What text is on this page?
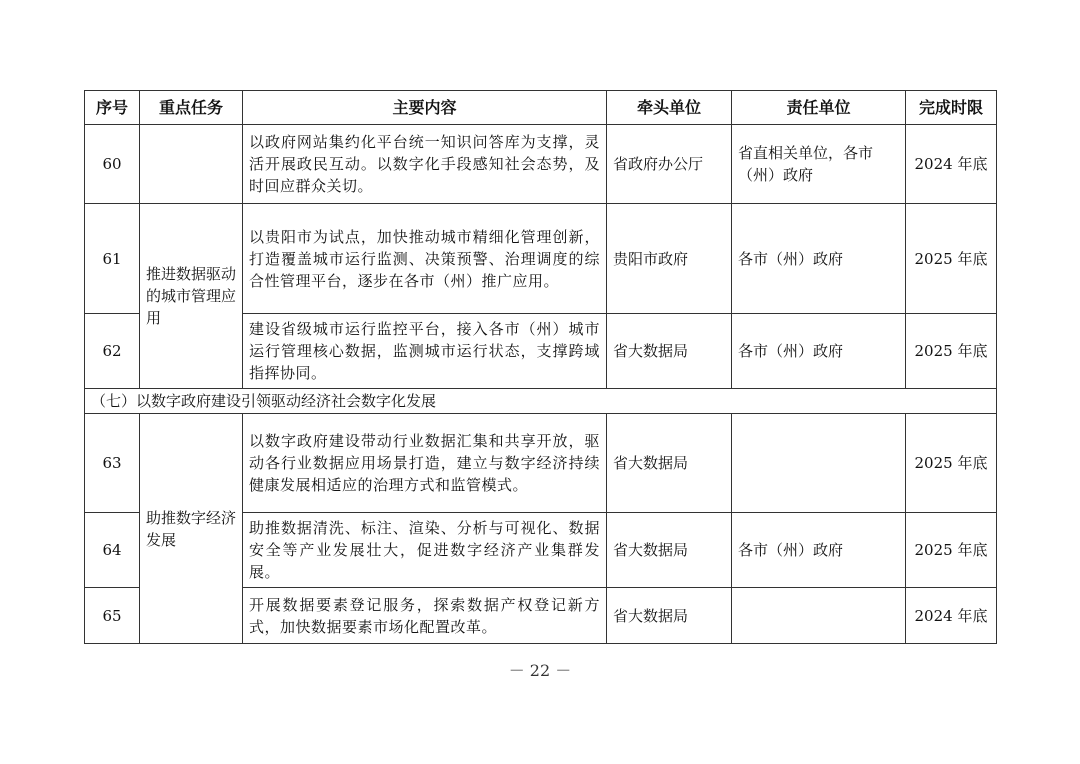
序号	重点任务	主要内容	牵头单位	责任单位	完成时限
60		以政府网站集约化平台统一知识问答库为支撑，灵活开展政民互动。以数字化手段感知社会态势，及时回应群众关切。	省政府办公厅	省直相关单位，各市（州）政府	2024 年底
61	推进数据驱动的城市管理应用	以贵阳市为试点，加快推动城市精细化管理创新，打造覆盖城市运行监测、决策预警、治理调度的综合性管理平台，逐步在各市（州）推广应用。	贵阳市政府	各市（州）政府	2025 年底
62		建设省级城市运行监控平台，接入各市（州）城市运行管理核心数据，监测城市运行状态，支撑跨域指挥协同。	省大数据局	各市（州）政府	2025 年底
（七）以数字政府建设引领驱动经济社会数字化发展					
63	助推数字经济发展	以数字政府建设带动行业数据汇集和共享开放，驱动各行业数据应用场景打造，建立与数字经济持续健康发展相适应的治理方式和监管模式。	省大数据局		2025 年底
64		助推数据清洗、标注、渲染、分析与可视化、数据安全等产业发展壮大，促进数字经济产业集群发展。	省大数据局	各市（州）政府	2025 年底
65		开展数据要素登记服务，探索数据产权登记新方式，加快数据要素市场化配置改革。	省大数据局		2024 年底
－ 22 －
